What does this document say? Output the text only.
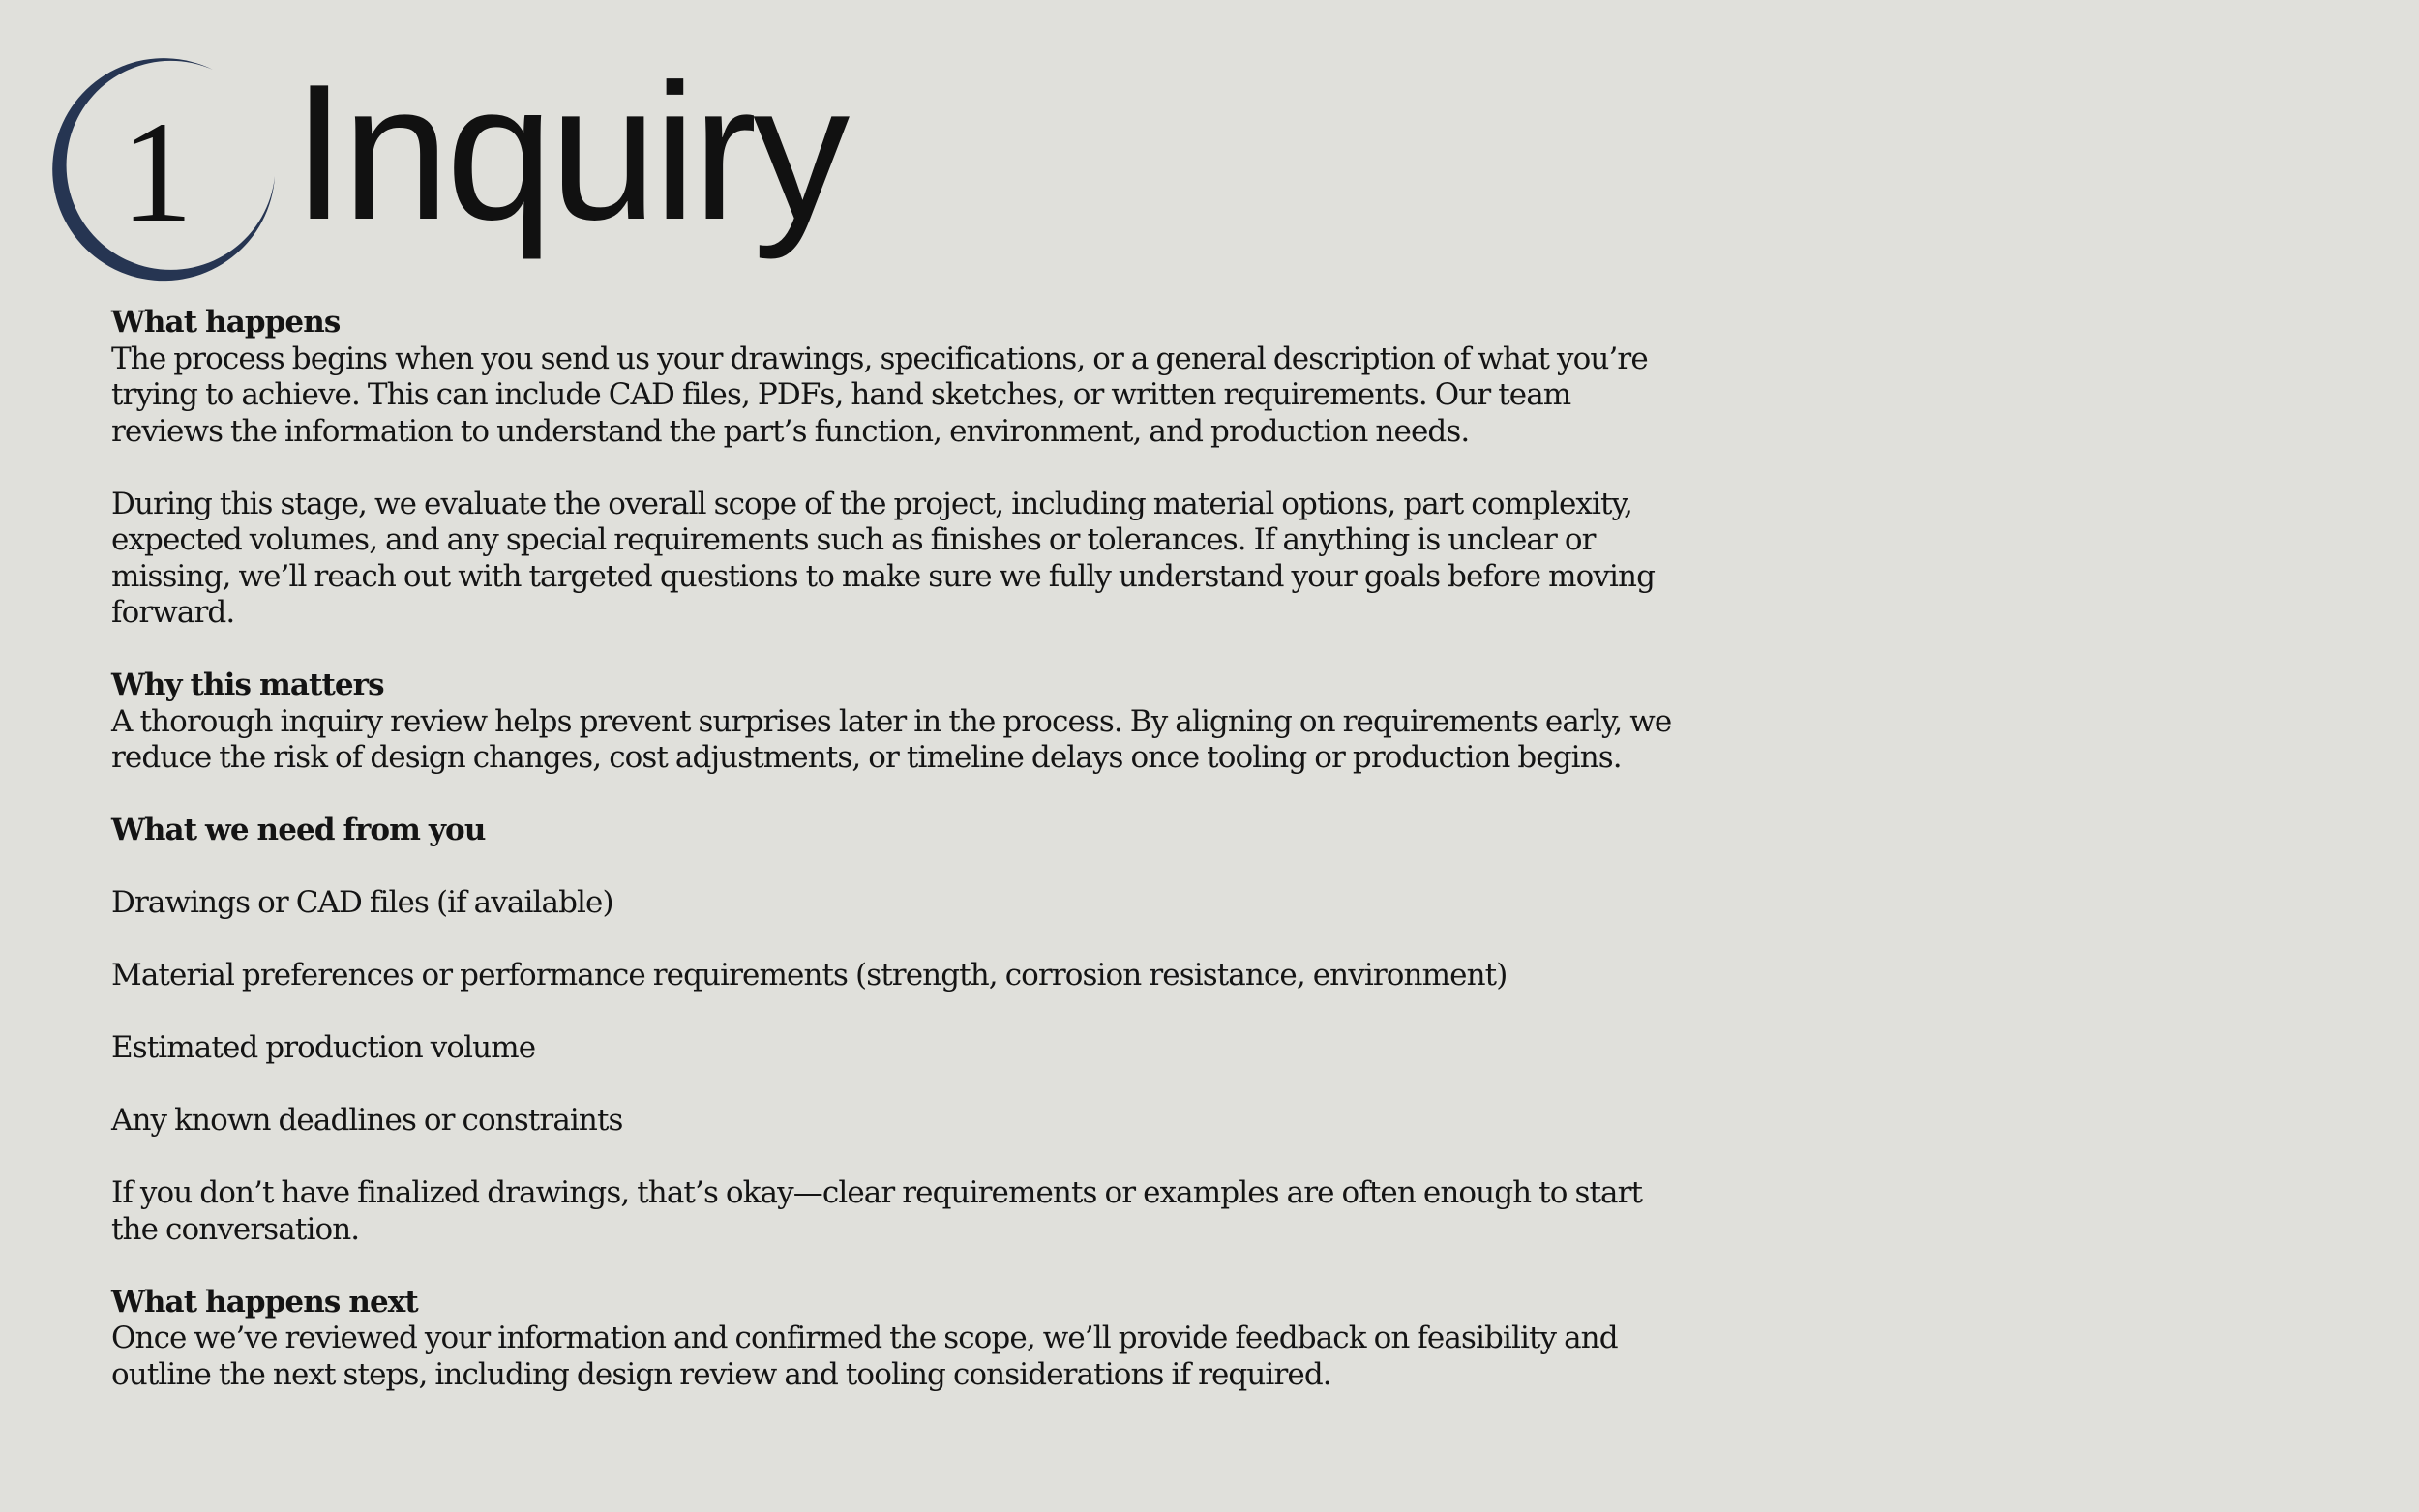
1 Inquiry
What happens

The process begins when you send us your drawings, specifications, or a general description of what you’re trying to achieve. This can include CAD files, PDFs, hand sketches, or written requirements. Our team reviews the information to understand the part’s function, environment, and production needs.

During this stage, we evaluate the overall scope of the project, including material options, part complexity, expected volumes, and any special requirements such as finishes or tolerances. If anything is unclear or missing, we’ll reach out with targeted questions to make sure we fully understand your goals before moving forward.

Why this matters

A thorough inquiry review helps prevent surprises later in the process. By aligning on requirements early, we reduce the risk of design changes, cost adjustments, or timeline delays once tooling or production begins.

What we need from you

Drawings or CAD files (if available)

Material preferences or performance requirements (strength, corrosion resistance, environment)

Estimated production volume

Any known deadlines or constraints

If you don’t have finalized drawings, that’s okay—clear requirements or examples are often enough to start the conversation.

What happens next

Once we’ve reviewed your information and confirmed the scope, we’ll provide feedback on feasibility and outline the next steps, including design review and tooling considerations if required.
